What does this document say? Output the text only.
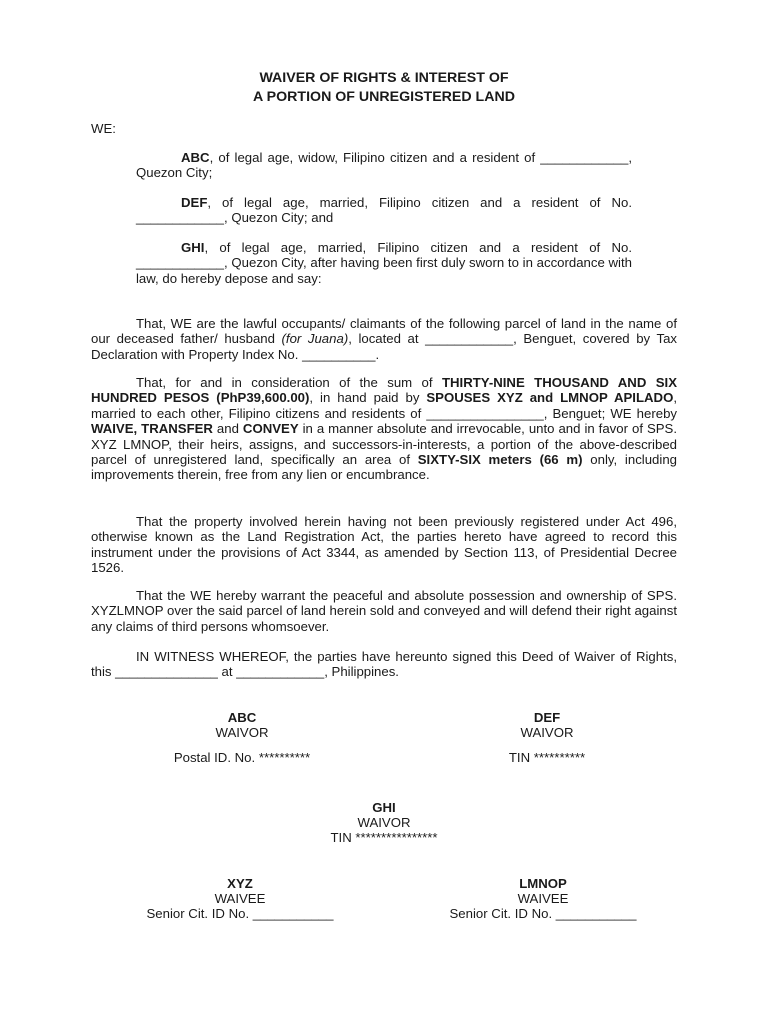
WAIVER OF RIGHTS & INTEREST OF
A PORTION OF UNREGISTERED LAND
WE:
ABC, of legal age, widow, Filipino citizen and a resident of ____________, Quezon City;
DEF, of legal age, married, Filipino citizen and a resident of No. ____________, Quezon City; and
GHI, of legal age, married, Filipino citizen and a resident of No. ____________, Quezon City, after having been first duly sworn to in accordance with law, do hereby depose and say:
That, WE are the lawful occupants/ claimants of the following parcel of land in the name of our deceased father/ husband (for Juana), located at ____________, Benguet, covered by Tax Declaration with Property Index No. __________.
That, for and in consideration of the sum of THIRTY-NINE THOUSAND AND SIX HUNDRED PESOS (PhP39,600.00), in hand paid by SPOUSES XYZ and LMNOP APILADO, married to each other, Filipino citizens and residents of ________________, Benguet; WE hereby WAIVE, TRANSFER and CONVEY in a manner absolute and irrevocable, unto and in favor of SPS. XYZ LMNOP, their heirs, assigns, and successors-in-interests, a portion of the above-described parcel of unregistered land, specifically an area of SIXTY-SIX meters (66 m) only, including improvements therein, free from any lien or encumbrance.
That the property involved herein having not been previously registered under Act 496, otherwise known as the Land Registration Act, the parties hereto have agreed to record this instrument under the provisions of Act 3344, as amended by Section 113, of Presidential Decree 1526.
That the WE hereby warrant the peaceful and absolute possession and ownership of SPS. XYZLMNOP over the said parcel of land herein sold and conveyed and will defend their right against any claims of third persons whomsoever.
IN WITNESS WHEREOF, the parties have hereunto signed this Deed of Waiver of Rights, this ______________ at ____________, Philippines.
ABC
WAIVOR
Postal ID. No. **********
DEF
WAIVOR
TIN **********
GHI
WAIVOR
TIN ****************
XYZ
WAIVEE
Senior Cit. ID No. ___________
LMNOP
WAIVEE
Senior Cit. ID No. ___________
